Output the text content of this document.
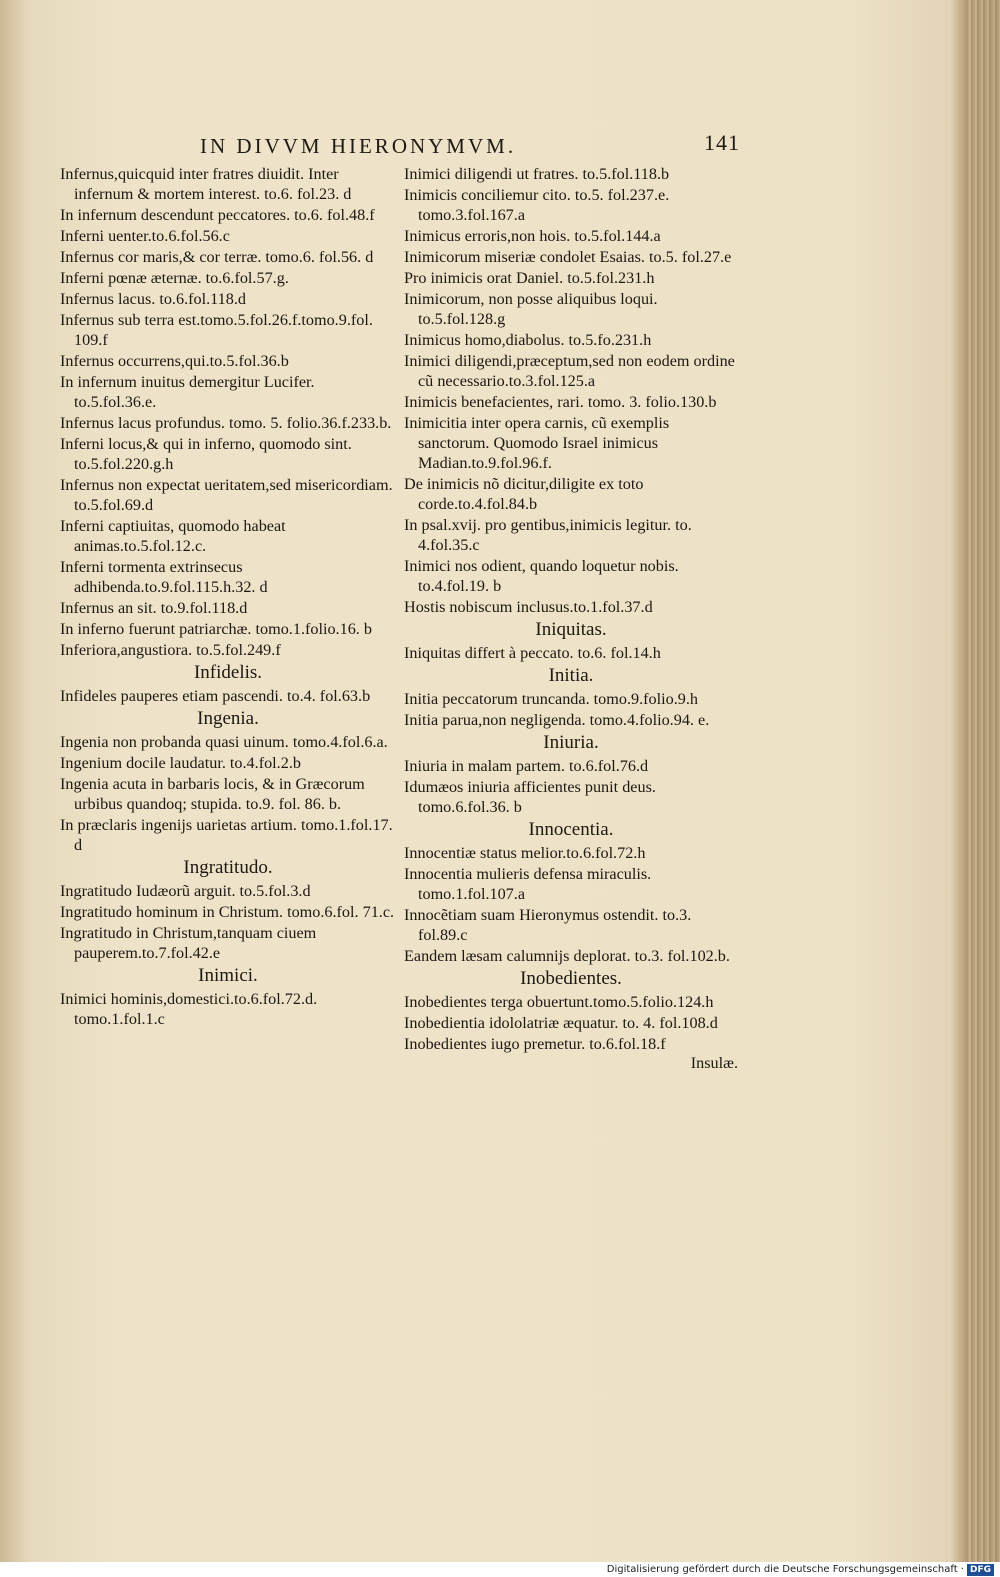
IN DIVVM HIERONYMVM.	141
Infernus,quicquid inter fratres diuidit. Inter infernum & mortem interest. to.6. fol.23. d
In infernum descendunt peccatores. to.6. fol.48.f
Inferni uenter.to.6.fol.56.c
Infernus cor maris,& cor terræ. tomo.6. fol.56. d
Inferni pœnæ æternæ. to.6.fol.57.g.
Infernus lacus. to.6.fol.118.d
Infernus sub terra est.tomo.5.fol.26.f.tomo.9.fol. 109.f
Infernus occurrens,qui.to.5.fol.36.b
In infernum inuitus demergitur Lucifer. to.5.fol.36.e.
Infernus lacus profundus. tomo. 5. folio.36.f.233.b.
Inferni locus,& qui in inferno, quomodo sint. to.5.fol.220.g.h
Infernus non expectat ueritatem,sed misericordiam. to.5.fol.69.d
Inferni captiuitas, quomodo habeat animas.to.5.fol.12.c.
Inferni tormenta extrinsecus adhibenda.to.9.fol.115.h.32. d
Infernus an sit. to.9.fol.118.d
In inferno fuerunt patriarchæ. tomo.1.folio.16. b
Inferiora,angustiora. to.5.fol.249.f
Infidelis.
Infideles pauperes etiam pascendi. to.4. fol.63.b
Ingenia.
Ingenia non probanda quasi uinum. tomo.4.fol.6.a.
Ingenium docile laudatur. to.4.fol.2.b
Ingenia acuta in barbaris locis, & in Græcorum urbibus quandoq; stupida. to.9. fol. 86. b.
In præclaris ingenijs uarietas artium. tomo.1.fol.17. d
Ingratitudo.
Ingratitudo Iudæorũ arguit. to.5.fol.3.d
Ingratitudo hominum in Christum. tomo.6.fol. 71.c.
Ingratitudo in Christum,tanquam ciuem pauperem.to.7.fol.42.e
Inimici.
Inimici hominis,domestici.to.6.fol.72.d. tomo.1.fol.1.c
Inimici diligendi ut fratres. to.5.fol.118.b
Inimicis conciliemur cito. to.5. fol.237.e. tomo.3.fol.167.a
Inimicus erroris,non hois. to.5.fol.144.a
Inimicorum miseriæ condolet Esaias. to.5. fol.27.e
Pro inimicis orat Daniel. to.5.fol.231.h
Inimicorum, non posse aliquibus loqui. to.5.fol.128.g
Inimicus homo,diabolus. to.5.fo.231.h
Inimici diligendi,præceptum,sed non eodem ordine cũ necessario.to.3.fol.125.a
Inimicis benefacientes, rari. tomo. 3. folio.130.b
Inimicitia inter opera carnis, cũ exemplis sanctorum. Quomodo Israel inimicus Madian.to.9.fol.96.f.
De inimicis nõ dicitur,diligite ex toto corde.to.4.fol.84.b
In psal.xvij. pro gentibus,inimicis legitur. to. 4.fol.35.c
Inimici nos odient, quando loquetur nobis. to.4.fol.19. b
Hostis nobiscum inclusus.to.1.fol.37.d
Iniquitas.
Iniquitas differt à peccato. to.6. fol.14.h
Initia.
Initia peccatorum truncanda. tomo.9.folio.9.h
Initia parua,non negligenda. tomo.4.folio.94. e.
Iniuria.
Iniuria in malam partem. to.6.fol.76.d
Idumæos iniuria afficientes punit deus. tomo.6.fol.36. b
Innocentia.
Innocentiæ status melior.to.6.fol.72.h
Innocentia mulieris defensa miraculis. tomo.1.fol.107.a
Innocẽtiam suam Hieronymus ostendit. to.3. fol.89.c
Eandem læsam calumnijs deplorat. to.3. fol.102.b.
Inobedientes.
Inobedientes terga obuertunt.tomo.5.folio.124.h
Inobedientia idololatriæ æquatur. to. 4. fol.108.d
Inobedientes iugo premetur. to.6.fol.18.f
Insulæ.
Digitalisierung gefördert durch die Deutsche Forschungsgemeinschaft · DFG
